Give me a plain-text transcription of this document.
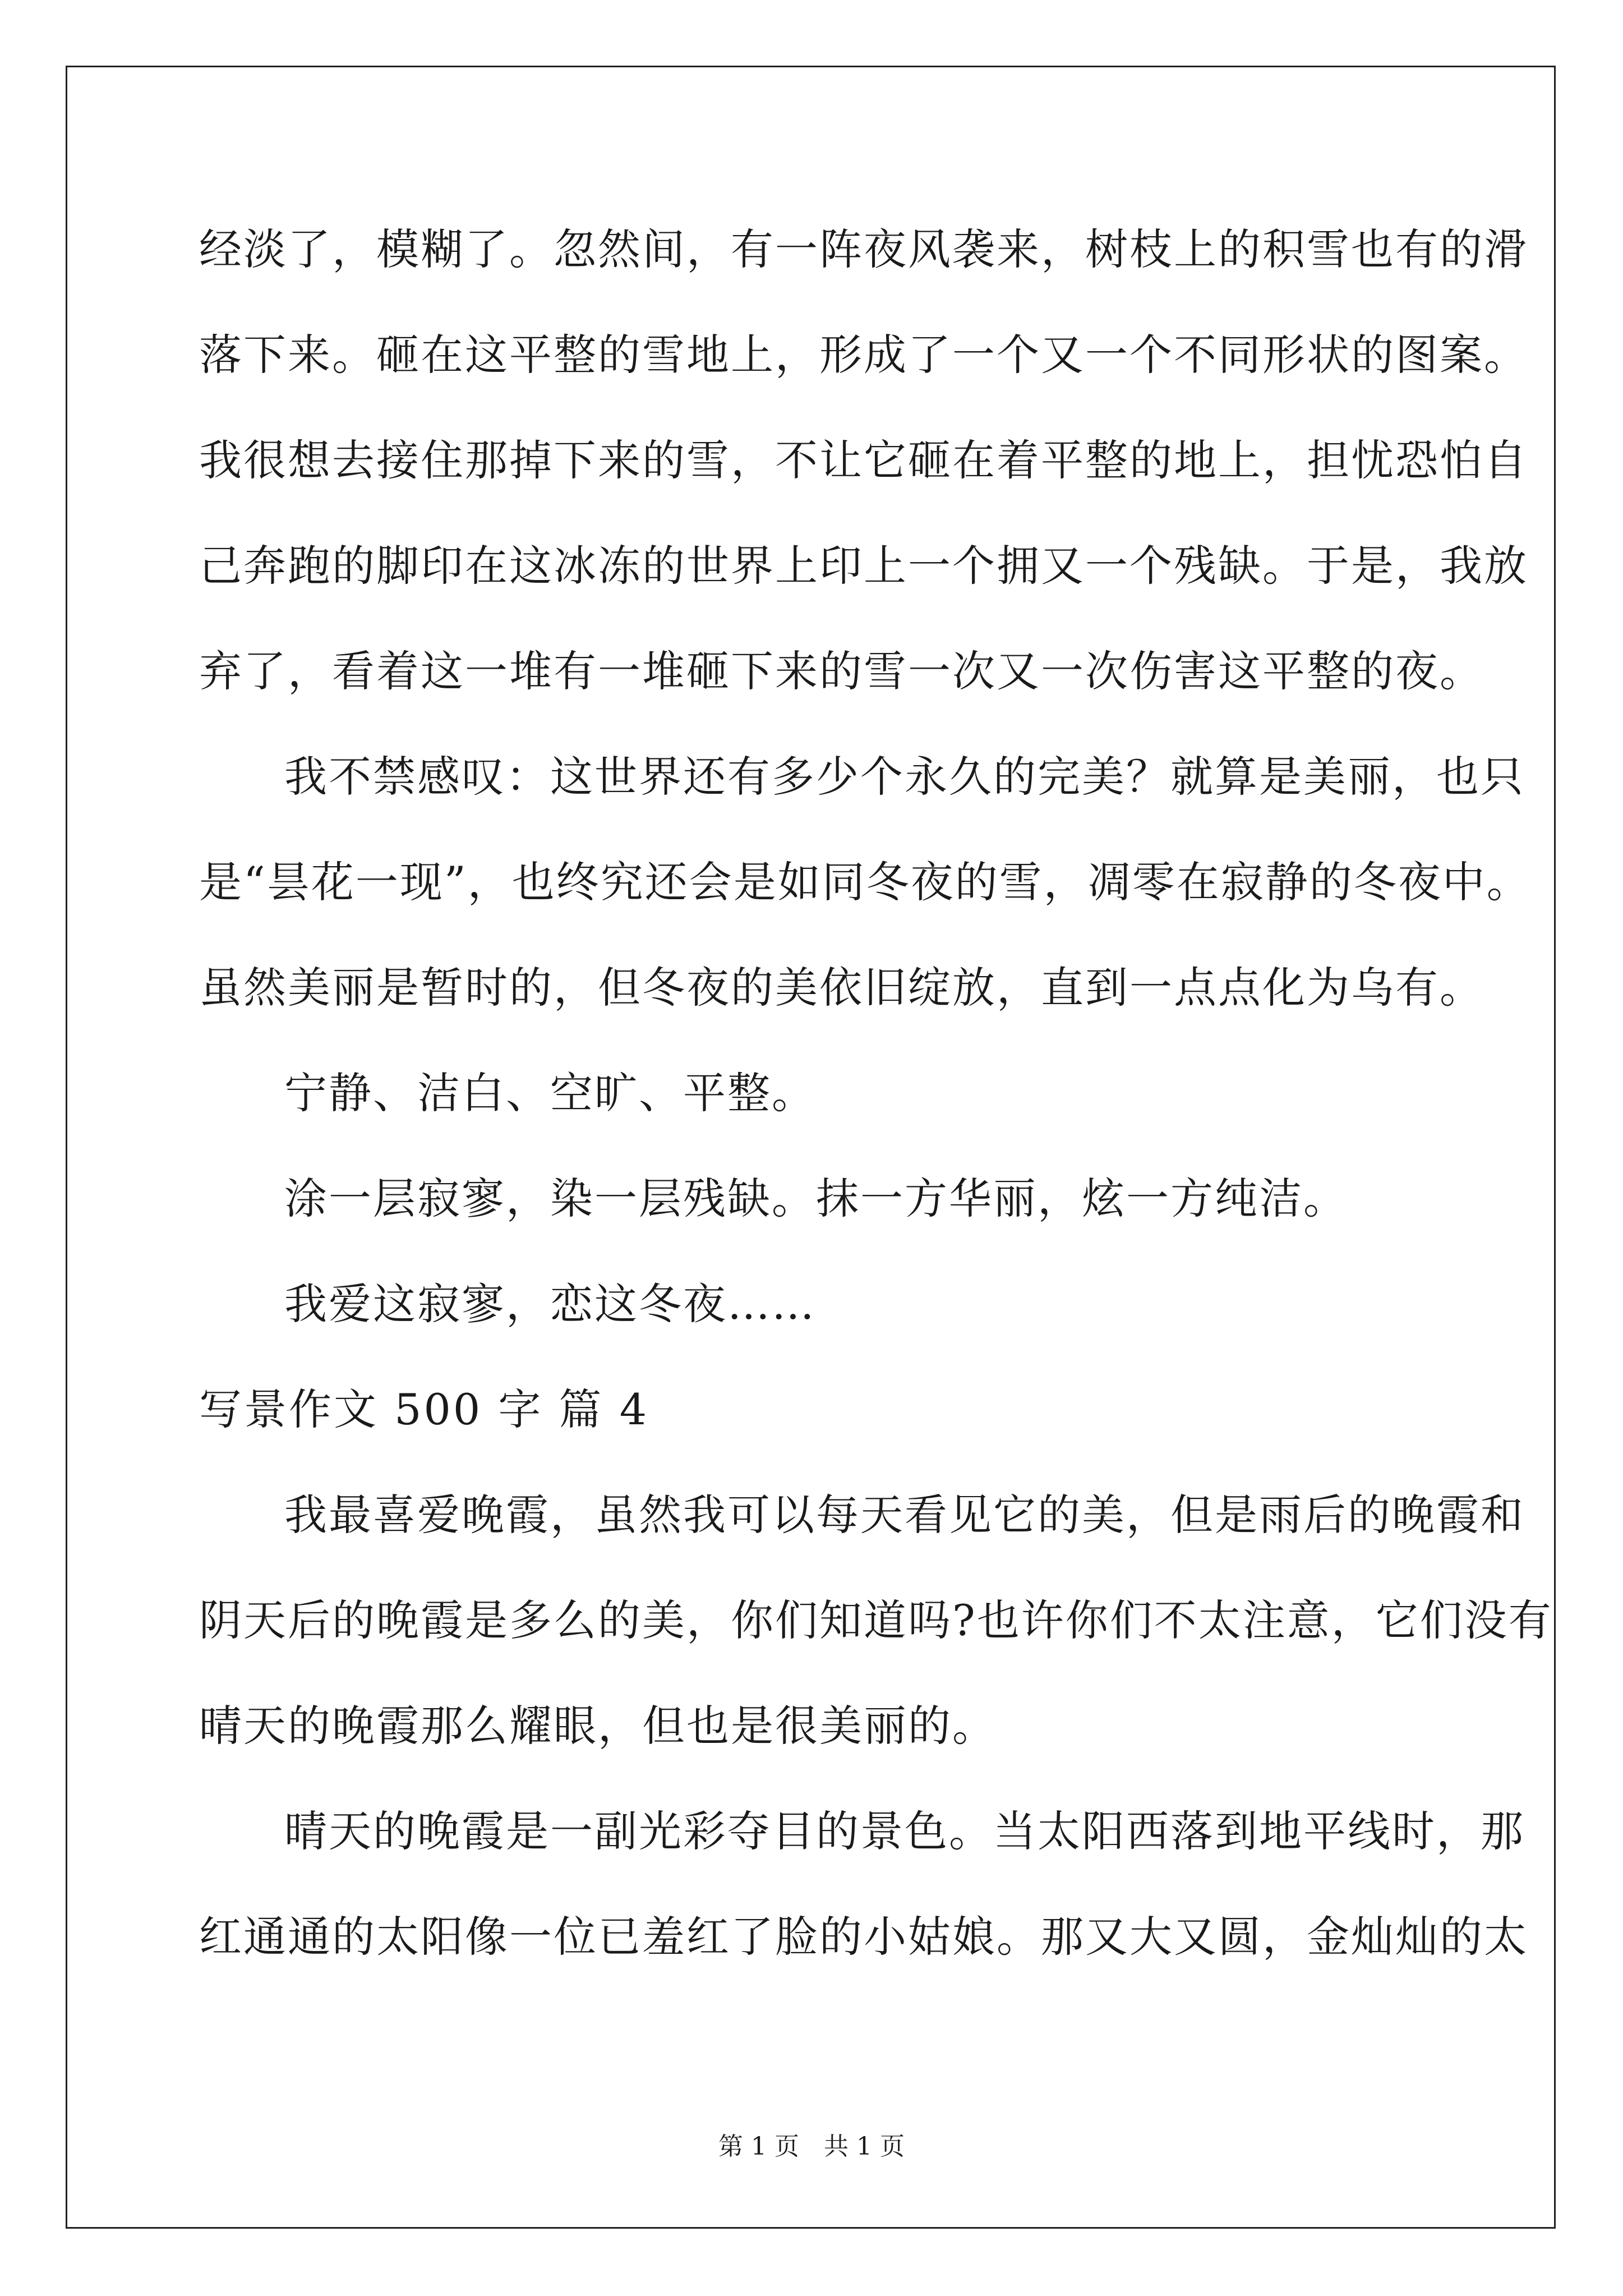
经淡了，模糊了。忽然间，有一阵夜风袭来，树枝上的积雪也有的滑
落下来。砸在这平整的雪地上，形成了一个又一个不同形状的图案。
我很想去接住那掉下来的雪，不让它砸在着平整的地上，担忧恐怕自
己奔跑的脚印在这冰冻的世界上印上一个拥又一个残缺。于是，我放
弃了，看着这一堆有一堆砸下来的雪一次又一次伤害这平整的夜。
我不禁感叹：这世界还有多少个永久的完美？就算是美丽，也只
是“昙花一现”，也终究还会是如同冬夜的雪，凋零在寂静的冬夜中。
虽然美丽是暂时的，但冬夜的美依旧绽放，直到一点点化为乌有。
宁静、洁白、空旷、平整。
涂一层寂寥，染一层残缺。抹一方华丽，炫一方纯洁。
我爱这寂寥，恋这冬夜……
写景作文 500 字 篇 4
我最喜爱晚霞，虽然我可以每天看见它的美，但是雨后的晚霞和
阴天后的晚霞是多么的美，你们知道吗?也许你们不太注意，它们没有
晴天的晚霞那么耀眼，但也是很美丽的。
晴天的晚霞是一副光彩夺目的景色。当太阳西落到地平线时，那
红通通的太阳像一位已羞红了脸的小姑娘。那又大又圆，金灿灿的太
第 1 页　共 1 页
